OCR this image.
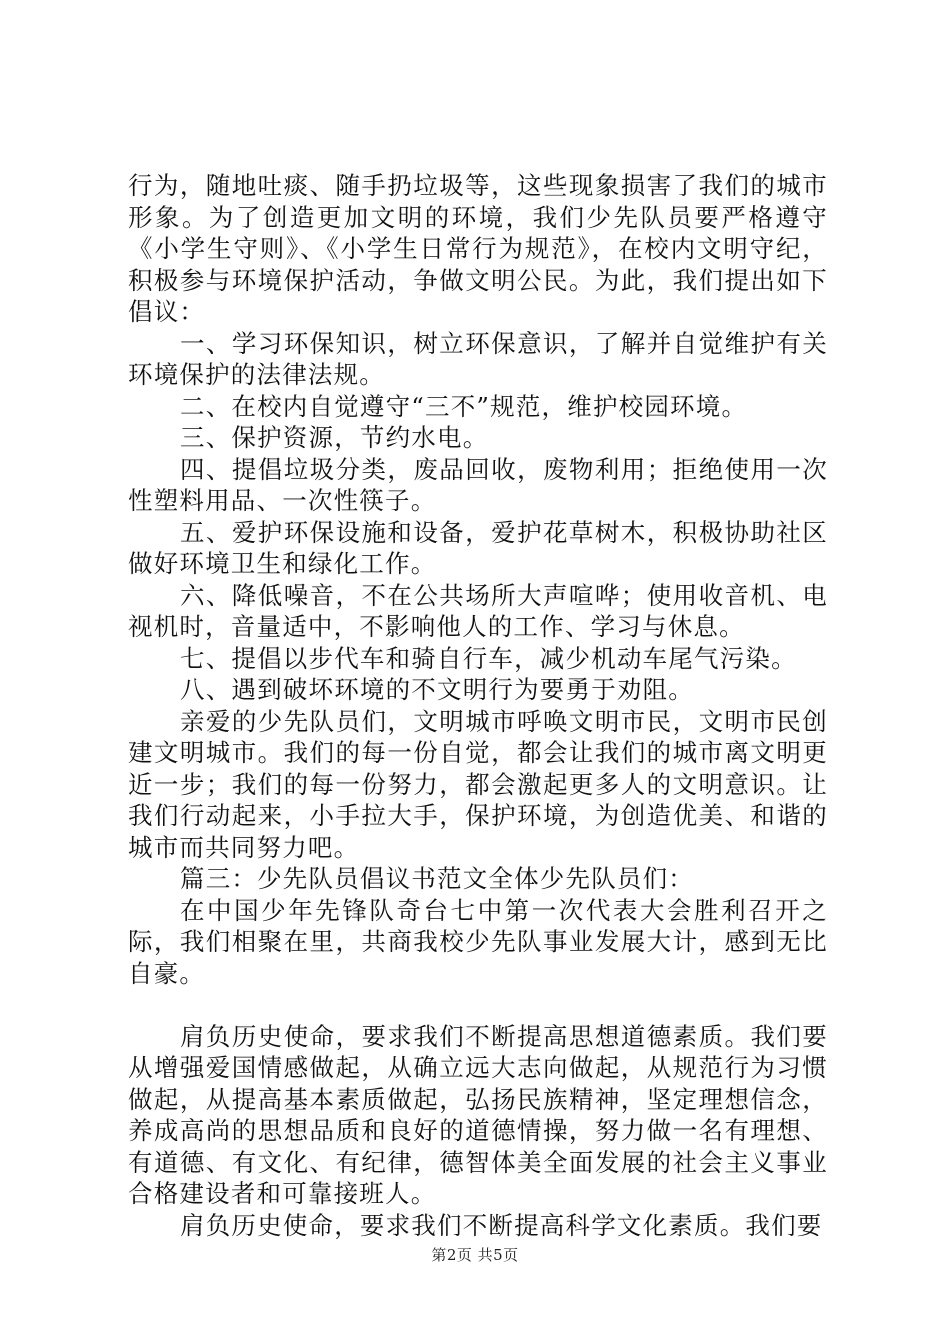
行为，随地吐痰、随手扔垃圾等，这些现象损害了我们的城市形象。为了创造更加文明的环境，我们少先队员要严格遵守《小学生守则》、《小学生日常行为规范》，在校内文明守纪，积极参与环境保护活动，争做文明公民。为此，我们提出如下倡议：

一、学习环保知识，树立环保意识，了解并自觉维护有关环境保护的法律法规。

二、在校内自觉遵守“三不”规范，维护校园环境。

三、保护资源，节约水电。

四、提倡垃圾分类，废品回收，废物利用；拒绝使用一次性塑料用品、一次性筷子。

五、爱护环保设施和设备，爱护花草树木，积极协助社区做好环境卫生和绿化工作。

六、降低噪音，不在公共场所大声喧哗；使用收音机、电视机时，音量适中，不影响他人的工作、学习与休息。

七、提倡以步代车和骑自行车，减少机动车尾气污染。

八、遇到破坏环境的不文明行为要勇于劝阻。

亲爱的少先队员们，文明城市呼唤文明市民，文明市民创建文明城市。我们的每一份自觉，都会让我们的城市离文明更近一步；我们的每一份努力，都会激起更多人的文明意识。让我们行动起来，小手拉大手，保护环境，为创造优美、和谐的城市而共同努力吧。

篇三：少先队员倡议书范文全体少先队员们：

在中国少年先锋队奇台七中第一次代表大会胜利召开之际，我们相聚在里，共商我校少先队事业发展大计，感到无比自豪。

肩负历史使命，要求我们不断提高思想道德素质。我们要从增强爱国情感做起，从确立远大志向做起，从规范行为习惯做起，从提高基本素质做起，弘扬民族精神，坚定理想信念，养成高尚的思想品质和良好的道德情操，努力做一名有理想、有道德、有文化、有纪律，德智体美全面发展的社会主义事业合格建设者和可靠接班人。

肩负历史使命，要求我们不断提高科学文化素质。我们要

第2页 共5页
